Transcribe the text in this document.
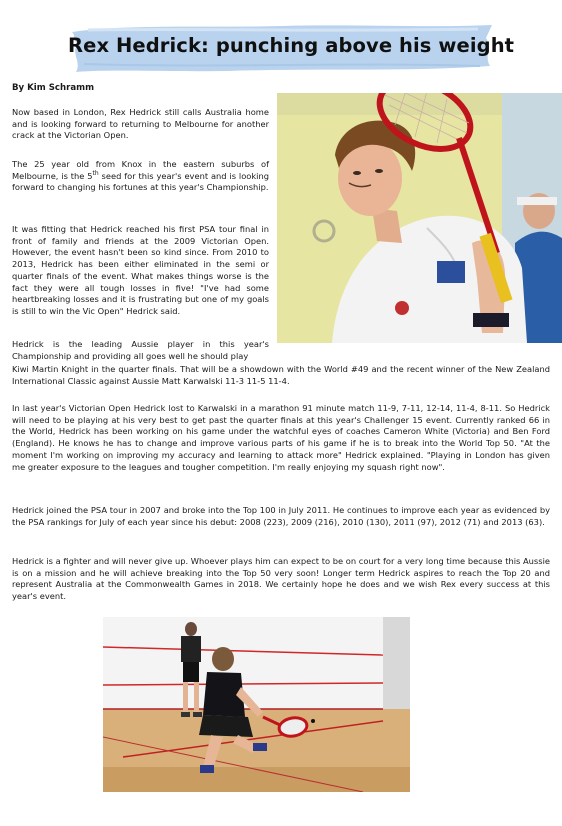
Rex Hedrick: punching above his weight
By Kim Schramm

Now based in London, Rex Hedrick still calls Australia home and is looking forward to returning to Melbourne for another crack at the Victorian Open.

The 25 year old from Knox in the eastern suburbs of Melbourne, is the 5th seed for this year's event and is looking forward to changing his fortunes at this year's Championship.

It was fitting that Hedrick reached his first PSA tour final in front of family and friends at the 2009 Victorian Open. However, the event hasn't been so kind since. From 2010 to 2013, Hedrick has been either eliminated in the semi or quarter finals of the event. What makes things worse is the fact they were all tough losses in five! "I've had some heartbreaking losses and it is frustrating but one of my goals is still to win the Vic Open" Hedrick said.

Hedrick is the leading Aussie player in this year's Championship and providing all goes well he should play

Kiwi Martin Knight in the quarter finals. That will be a showdown with the World #49 and the recent winner of the New Zealand International Classic against Aussie Matt Karwalski 11-3 11-5 11-4.

In last year's Victorian Open Hedrick lost to Karwalski in a marathon 91 minute match 11-9, 7-11, 12-14, 11-4, 8-11. So Hedrick will need to be playing at his very best to get past the quarter finals at this year's Challenger 15 event. Currently ranked 66 in the World, Hedrick has been working on his game under the watchful eyes of coaches Cameron White (Victoria) and Ben Ford (England). He knows he has to change and improve various parts of his game if he is to break into the World Top 50. "At the moment I'm working on improving my accuracy and learning to attack more" Hedrick explained. "Playing in London has given me greater exposure to the leagues and tougher competition. I'm really enjoying my squash right now".

Hedrick joined the PSA tour in 2007 and broke into the Top 100 in July 2011. He continues to improve each year as evidenced by the PSA rankings for July of each year since his debut: 2008 (223), 2009 (216), 2010 (130), 2011 (97), 2012 (71) and 2013 (63).

Hedrick is a fighter and will never give up. Whoever plays him can expect to be on court for a very long time because this Aussie is on a mission and he will achieve breaking into the Top 50 very soon! Longer term Hedrick aspires to reach the Top 20 and represent Australia at the Commonwealth Games in 2018. We certainly hope he does and we wish Rex every success at this year's event.
